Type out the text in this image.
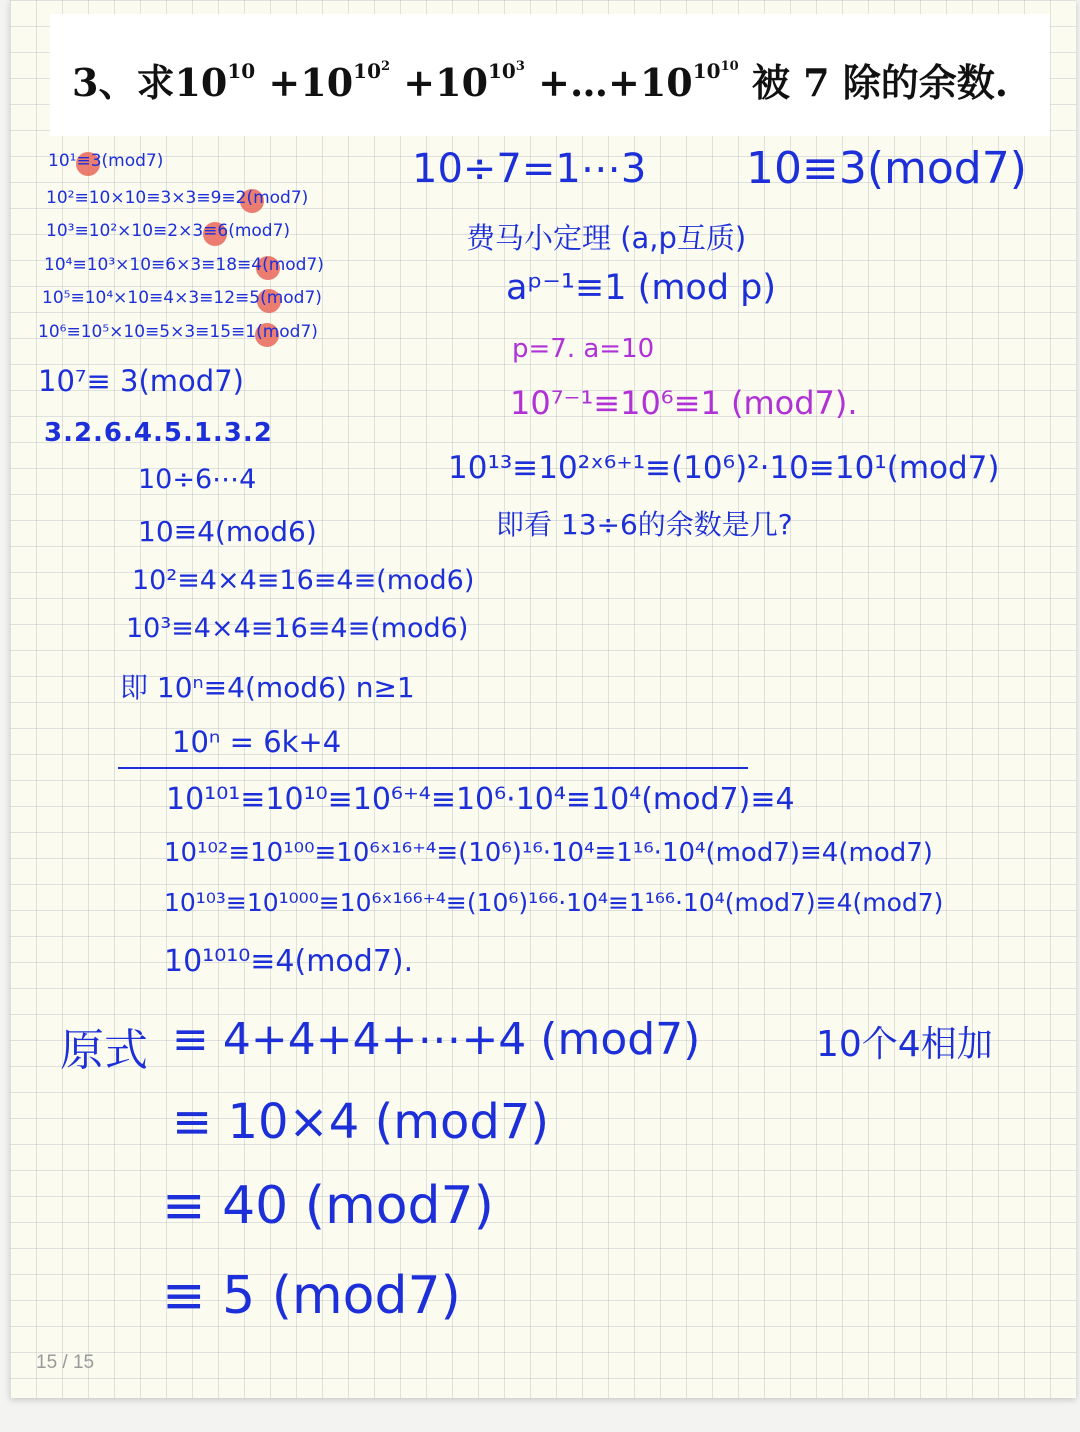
3、求$10^{10} +10^{10^2} +10^{10^3}$ $+\dots+10^{10^{10}}$ 被 7 除的余数.
10¹≡3(mod7)
10²≡10×10≡3×3≡9≡2(mod7)
10³≡10²×10≡2×3≡6(mod7)
10⁴≡10³×10≡6×3≡18≡4(mod7)
10⁵≡10⁴×10≡4×3≡12≡5(mod7)
10⁶≡10⁵×10≡5×3≡15≡1(mod7)
10⁷≡ 3(mod7)
3.2.6.4.5.1.3.2
10÷6⋯4
10≡4(mod6)
10²≡4×4≡16≡4≡(mod6)
10³≡4×4≡16≡4≡(mod6)
即 10ⁿ≡4(mod6) n≥1
10ⁿ = 6k+4
10÷7=1⋯3 10≡3(mod7)
费马小定理 (a,p互质)
aᵖ⁻¹≡1 (mod p)
p=7. a=10
10⁷⁻¹≡10⁶≡1 (mod7).
10¹³≡10²ˣ⁶⁺¹≡(10⁶)²·10≡10¹(mod7)
即看 13÷6的余数是几?
10¹⁰¹≡10¹⁰≡10⁶⁺⁴≡10⁶·10⁴≡10⁴(mod7)≡4
10¹⁰²≡10¹⁰⁰≡10⁶ˣ¹⁶⁺⁴≡(10⁶)¹⁶·10⁴≡1¹⁶·10⁴(mod7)≡4(mod7)
10¹⁰³≡10¹⁰⁰⁰≡10⁶ˣ¹⁶⁶⁺⁴≡(10⁶)¹⁶⁶·10⁴≡1¹⁶⁶·10⁴(mod7)≡4(mod7)
10¹⁰¹⁰≡4(mod7).
原式 ≡ 4+4+4+⋯+4 (mod7)	10个4相加
≡ 10×4 (mod7)
≡ 40 (mod7)
≡ 5 (mod7)
15 / 15
